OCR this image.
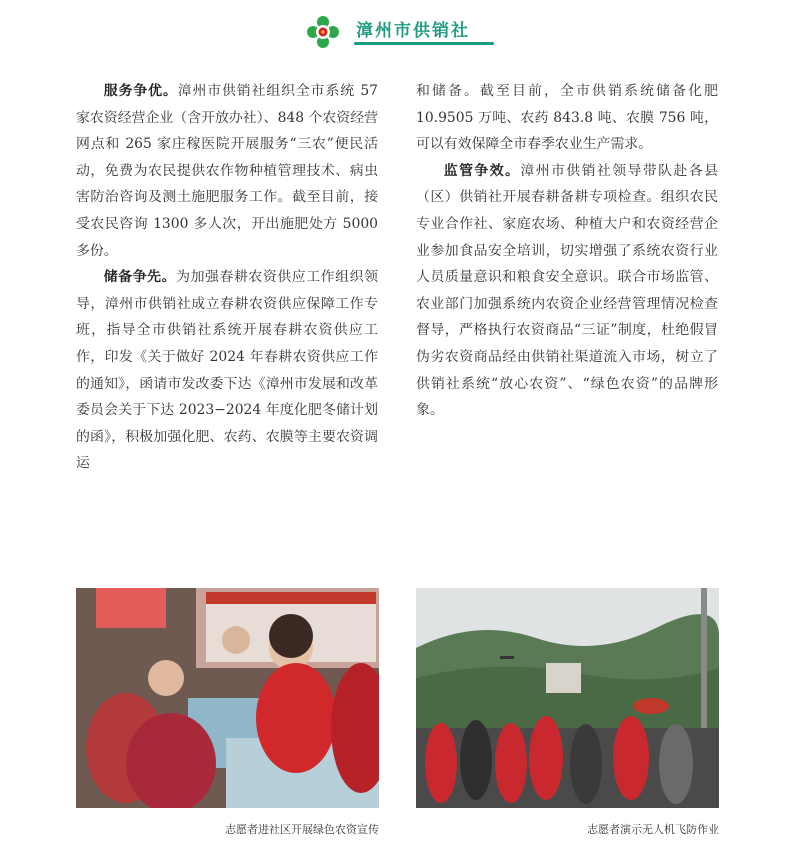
漳州市供销社

服务争优。漳州市供销社组织全市系统 57 家农资经营企业（含开放办社）、848 个农资经营网点和 265 家庄稼医院开展服务“三农”便民活动，免费为农民提供农作物种植管理技术、病虫害防治咨询及测土施肥服务工作。截至目前，接受农民咨询 1300 多人次，开出施肥处方 5000 多份。

储备争先。为加强春耕农资供应工作组织领导，漳州市供销社成立春耕农资供应保障工作专班，指导全市供销社系统开展春耕农资供应工作，印发《关于做好 2024 年春耕农资供应工作的通知》，函请市发改委下达《漳州市发展和改革委员会关于下达 2023−2024 年度化肥冬储计划的函》，积极加强化肥、农药、农膜等主要农资调运

和储备。截至目前，全市供销系统储备化肥 10.9505 万吨、农药 843.8 吨、农膜 756 吨，可以有效保障全市春季农业生产需求。

监管争效。漳州市供销社领导带队赴各县（区）供销社开展春耕备耕专项检查。组织农民专业合作社、家庭农场、种植大户和农资经营企业参加食品安全培训，切实增强了系统农资行业人员质量意识和粮食安全意识。联合市场监管、农业部门加强系统内农资企业经营管理情况检查督导，严格执行农资商品“三证”制度，杜绝假冒伪劣农资商品经由供销社渠道流入市场，树立了供销社系统“放心农资”、“绿色农资”的品牌形象。

志愿者进社区开展绿色农资宣传	志愿者演示无人机飞防作业
